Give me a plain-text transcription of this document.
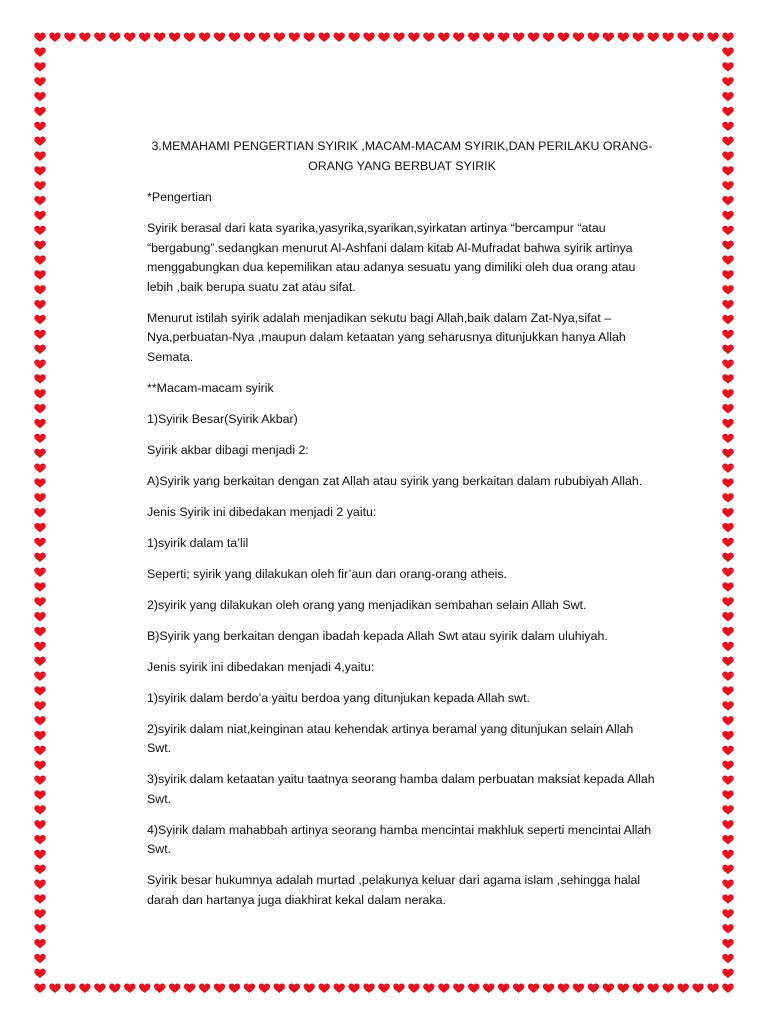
3.MEMAHAMI PENGERTIAN SYIRIK ,MACAM-MACAM SYIRIK,DAN PERILAKU ORANG-ORANG YANG BERBUAT SYIRIK

*Pengertian

Syirik berasal dari kata syarika,yasyrika,syarikan,syirkatan artinya “bercampur “atau “bergabung”.sedangkan menurut Al-Ashfani dalam kitab Al-Mufradat bahwa syirik artinya menggabungkan dua kepemilikan atau adanya sesuatu yang dimiliki oleh dua orang atau lebih ,baik berupa suatu zat atau sifat.

Menurut istilah syirik adalah menjadikan sekutu bagi Allah,baik dalam Zat-Nya,sifat –Nya,perbuatan-Nya ,maupun dalam ketaatan yang seharusnya ditunjukkan hanya Allah Semata.

**Macam-macam syirik

1)Syirik Besar(Syirik Akbar)

Syirik akbar dibagi menjadi 2:

A)Syirik yang berkaitan dengan zat Allah atau syirik yang berkaitan dalam rububiyah Allah.

Jenis Syirik ini dibedakan menjadi 2 yaitu:

1)syirik dalam ta’lil

Seperti; syirik yang dilakukan oleh fir’aun dan orang-orang atheis.

2)syirik yang dilakukan oleh orang yang menjadikan sembahan selain Allah Swt.

B)Syirik yang berkaitan dengan ibadah kepada Allah Swt atau syirik dalam uluhiyah.

Jenis syirik ini dibedakan menjadi 4,yaitu:

1)syirik dalam berdo’a yaitu berdoa yang ditunjukan kepada Allah swt.

2)syirik dalam niat,keinginan atau kehendak artinya beramal yang ditunjukan selain Allah Swt.

3)syirik dalam ketaatan yaitu taatnya seorang hamba dalam perbuatan maksiat kepada Allah Swt.

4)Syirik dalam mahabbah artinya seorang hamba mencintai makhluk seperti mencintai Allah Swt.

Syirik besar hukumnya adalah murtad ,pelakunya keluar dari agama islam ,sehingga halal darah dan hartanya juga diakhirat kekal dalam neraka.
